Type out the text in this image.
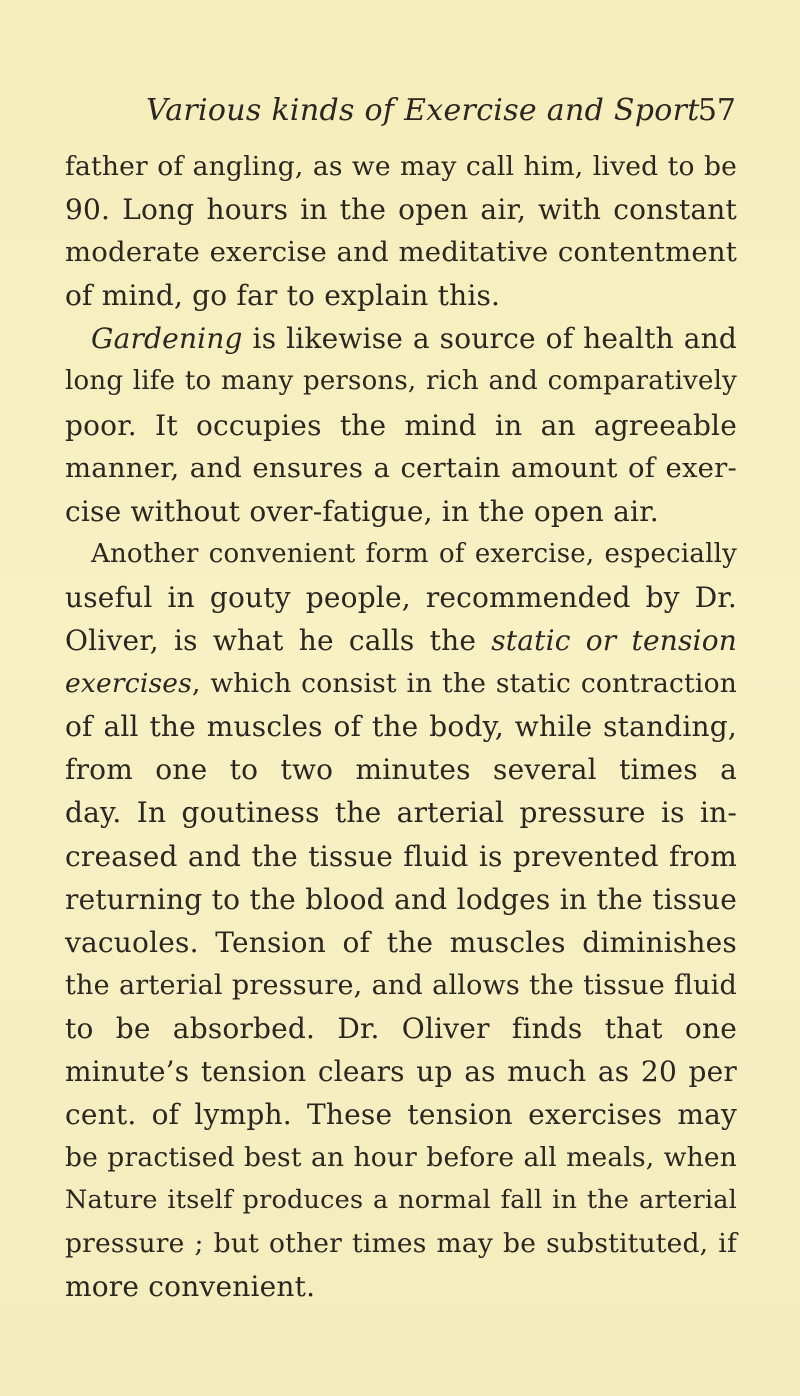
Various kinds of Exercise and Sport
57
father of angling, as we may call him, lived to be
90. Long hours in the open air, with constant
moderate exercise and meditative contentment
of mind, go far to explain this.
Gardening is likewise a source of health and
long life to many persons, rich and comparatively
poor. It occupies the mind in an agreeable
manner, and ensures a certain amount of exer-
cise without over-fatigue, in the open air.
Another convenient form of exercise, especially
useful in gouty people, recommended by Dr.
Oliver, is what he calls the static or tension
exercises, which consist in the static contraction
of all the muscles of the body, while standing,
from one to two minutes several times a
day. In goutiness the arterial pressure is in-
creased and the tissue fluid is prevented from
returning to the blood and lodges in the tissue
vacuoles. Tension of the muscles diminishes
the arterial pressure, and allows the tissue fluid
to be absorbed. Dr. Oliver finds that one
minute’s tension clears up as much as 20 per
cent. of lymph. These tension exercises may
be practised best an hour before all meals, when
Nature itself produces a normal fall in the arterial
pressure ; but other times may be substituted, if
more convenient.
